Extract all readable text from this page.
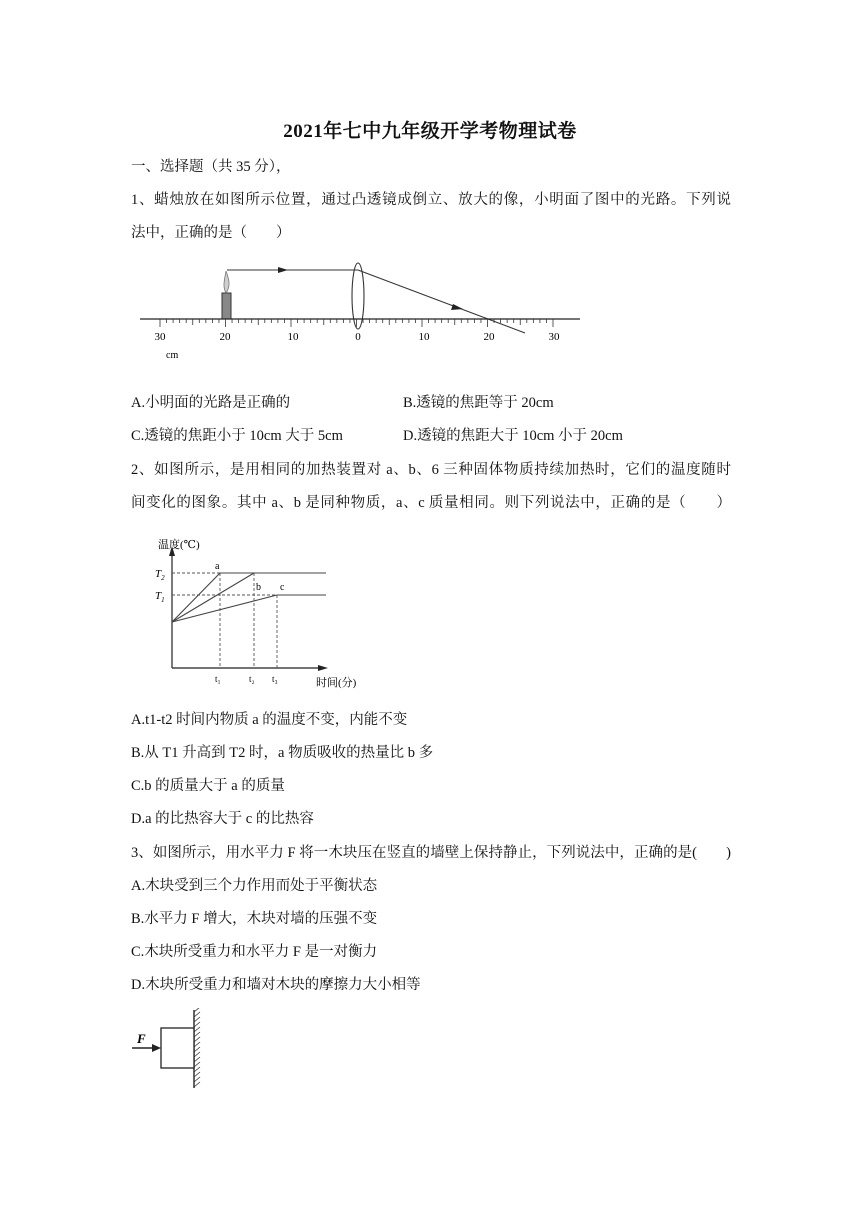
2021年七中九年级开学考物理试卷
一、选择题（共 35 分），
1、蜡烛放在如图所示位置，通过凸透镜成倒立、放大的像，小明面了图中的光路。下列说
法中，正确的是（　　）
30	20	10	0	10	20	30
cm
A.小明面的光路是正确的	B.透镜的焦距等于 20cm
C.透镜的焦距小于 10cm 大于 5cm	D.透镜的焦距大于 10cm 小于 20cm
2、如图所示，是用相同的加热装置对 a、b、6 三种固体物质持续加热时，它们的温度随时
间变化的图象。其中 a、b 是同种物质，a、c 质量相同。则下列说法中，正确的是（　　）
温度(℃)
时间(分)
$T_2$
$T_1$
t₁	t₂ t₃
a
b c
A.t1-t2 时间内物质 a 的温度不变，内能不变
B.从 T1 升高到 T2 时，a 物质吸收的热量比 b 多
C.b 的质量大于 a 的质量
D.a 的比热容大于 c 的比热容
3、如图所示，用水平力 F 将一木块压在竖直的墙壁上保持静止，下列说法中，正确的是(　　)
A.木块受到三个力作用而处于平衡状态
B.水平力 F 增大，木块对墙的压强不变
C.木块所受重力和水平力 F 是一对衡力
D.木块所受重力和墙对木块的摩擦力大小相等
F
